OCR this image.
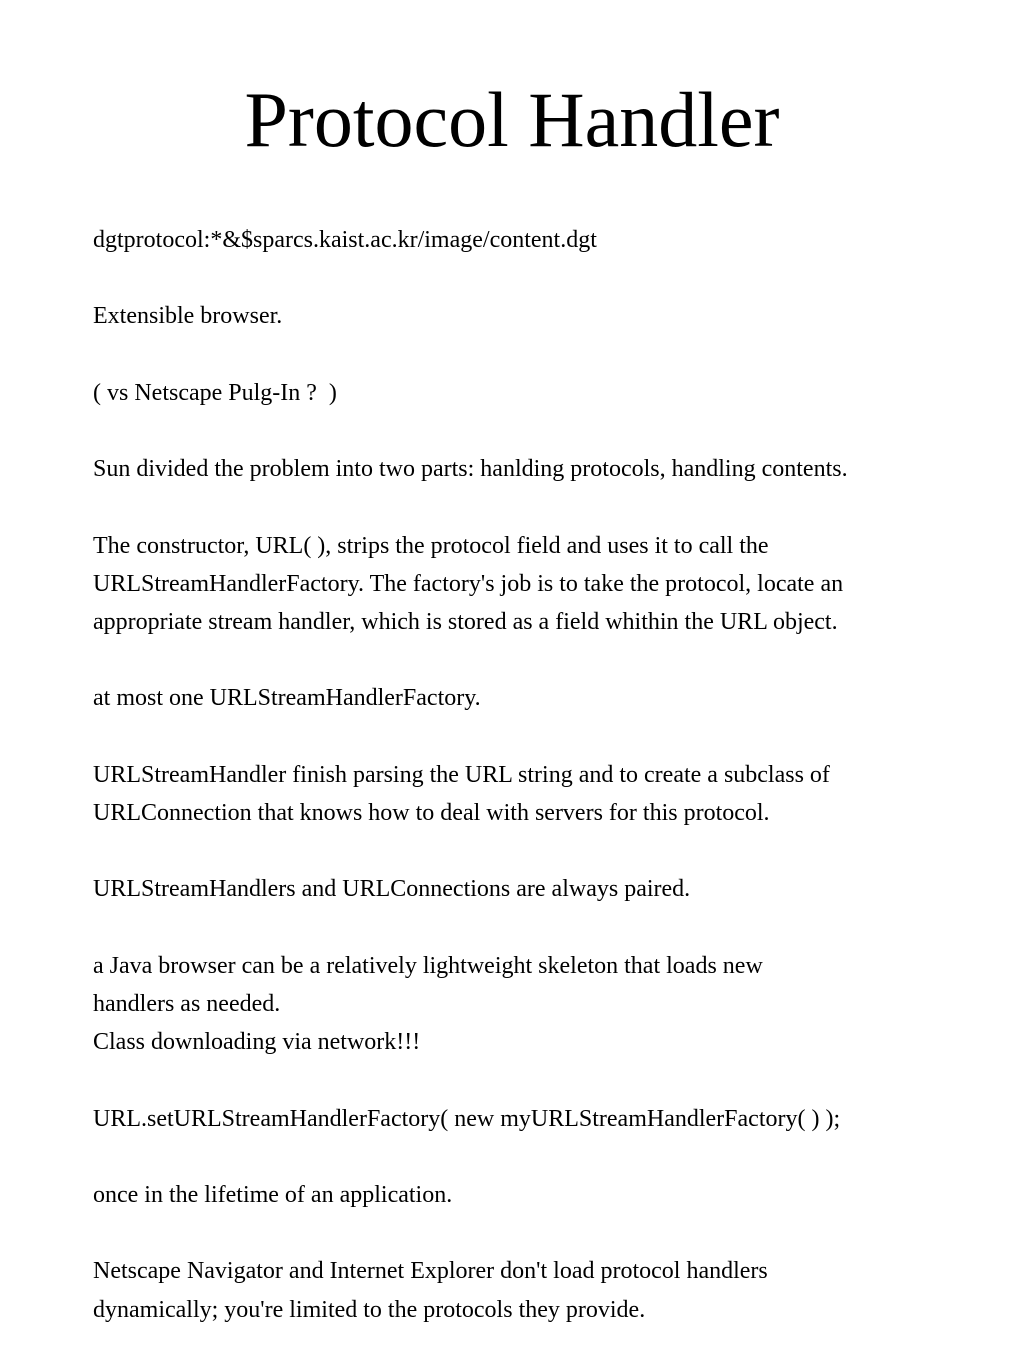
Protocol Handler

dgtprotocol:*&$sparcs.kaist.ac.kr/image/content.dgt

Extensible browser.

( vs Netscape Pulg-In ?  )

Sun divided the problem into two parts: hanlding protocols, handling contents.

The constructor, URL( ), strips the protocol field and uses it to call the
URLStreamHandlerFactory. The factory's job is to take the protocol, locate an
appropriate stream handler, which is stored as a field whithin the URL object.

at most one URLStreamHandlerFactory.

URLStreamHandler finish parsing the URL string and to create a subclass of
URLConnection that knows how to deal with servers for this protocol.

URLStreamHandlers and URLConnections are always paired.

a Java browser can be a relatively lightweight skeleton that loads new
handlers as needed.
Class downloading via network!!!

URL.setURLStreamHandlerFactory( new myURLStreamHandlerFactory( ) );

once in the lifetime of an application.

Netscape Navigator and Internet Explorer don't load protocol handlers
dynamically; you're limited to the protocols they provide.
